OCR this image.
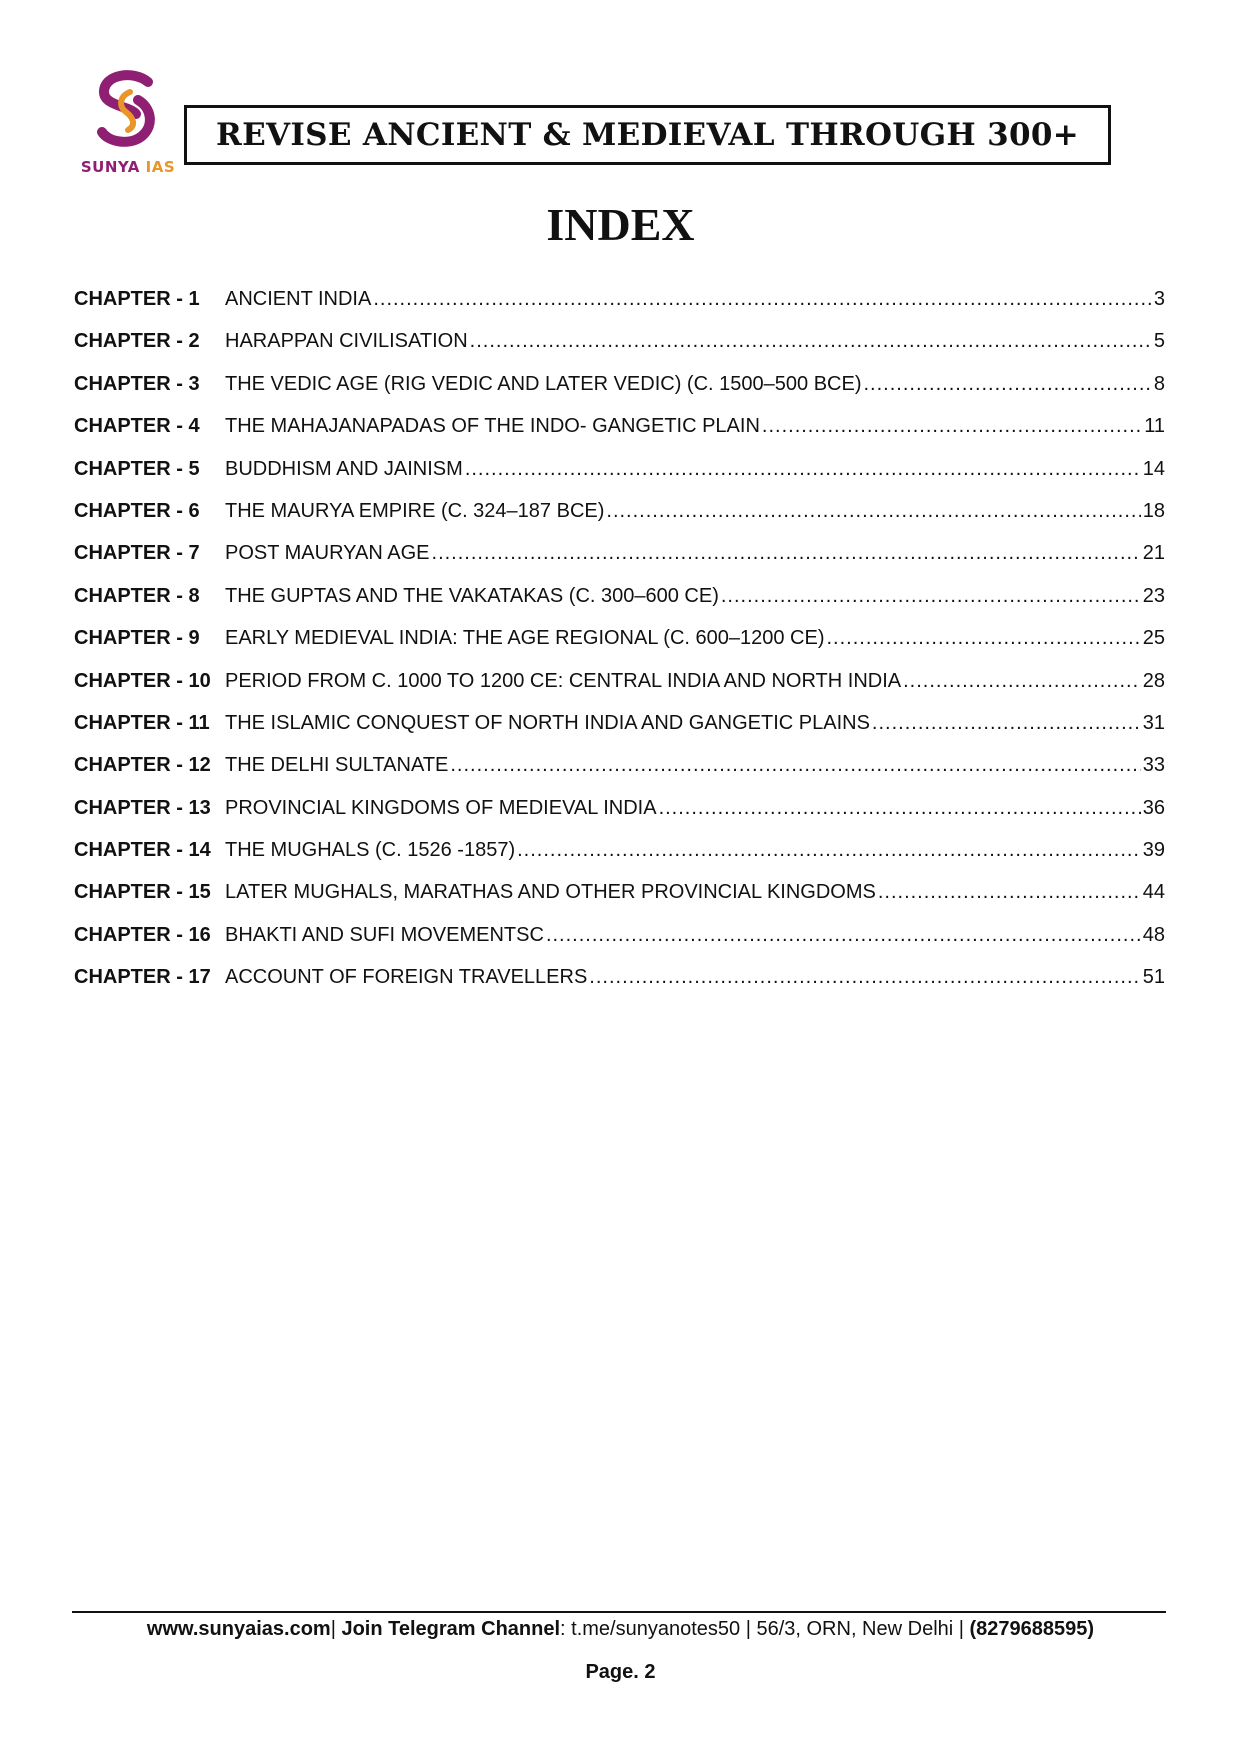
SUNYA IAS
REVISE ANCIENT & MEDIEVAL THROUGH 300+
INDEX
CHAPTER - 1	ANCIENT INDIA .....	3
CHAPTER - 2	HARAPPAN CIVILISATION .....	5
CHAPTER - 3	THE VEDIC AGE (RIG VEDIC AND LATER VEDIC) (C. 1500–500 BCE) .....	8
CHAPTER - 4	THE MAHAJANAPADAS OF THE INDO- GANGETIC PLAIN .....	11
CHAPTER - 5	BUDDHISM AND JAINISM .....	14
CHAPTER - 6	THE MAURYA EMPIRE (C. 324–187 BCE) .....	18
CHAPTER - 7	POST MAURYAN AGE .....	21
CHAPTER - 8	THE GUPTAS AND THE VAKATAKAS (C. 300–600 CE) .....	23
CHAPTER - 9	EARLY MEDIEVAL INDIA: THE AGE REGIONAL (C. 600–1200 CE) .....	25
CHAPTER - 10 PERIOD FROM C. 1000 TO 1200 CE: CENTRAL INDIA AND NORTH INDIA .....	28
CHAPTER - 11 THE ISLAMIC CONQUEST OF NORTH INDIA AND GANGETIC PLAINS .....	31
CHAPTER - 12 THE DELHI SULTANATE .....	33
CHAPTER - 13 PROVINCIAL KINGDOMS OF MEDIEVAL INDIA .....	36
CHAPTER - 14 THE MUGHALS (C. 1526 -1857) .....	39
CHAPTER - 15 LATER MUGHALS, MARATHAS AND OTHER PROVINCIAL KINGDOMS .....	44
CHAPTER - 16 BHAKTI AND SUFI MOVEMENTSC .....	48
CHAPTER - 17 ACCOUNT OF FOREIGN TRAVELLERS .....	51
www.sunyaias.com| Join Telegram Channel: t.me/sunyanotes50 | 56/3, ORN, New Delhi | (8279688595)
Page. 2
